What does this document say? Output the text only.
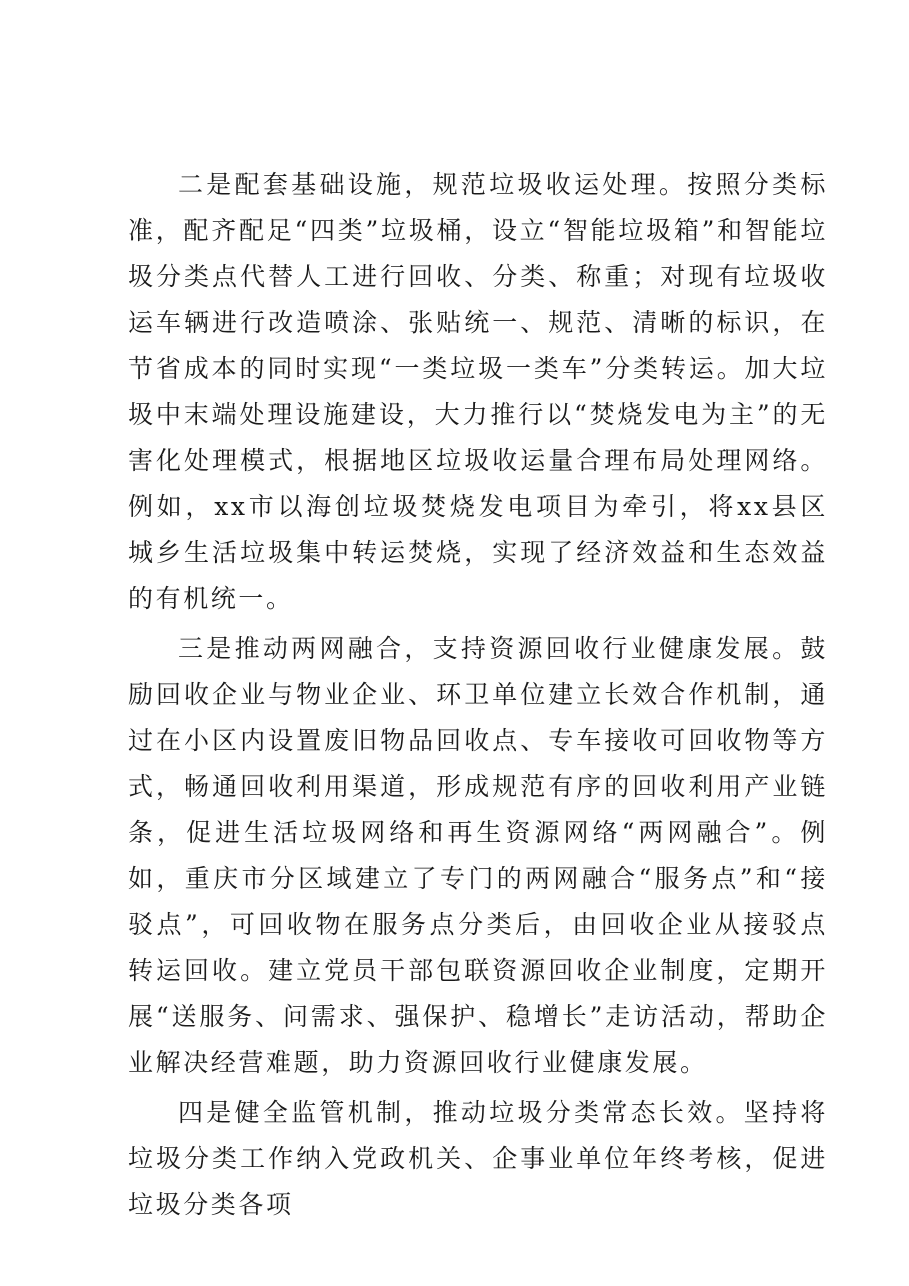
二是配套基础设施，规范垃圾收运处理。按照分类标准，配齐配足“四类”垃圾桶，设立“智能垃圾箱”和智能垃圾分类点代替人工进行回收、分类、称重；对现有垃圾收运车辆进行改造喷涂、张贴统一、规范、清晰的标识，在节省成本的同时实现“一类垃圾一类车”分类转运。加大垃圾中末端处理设施建设，大力推行以“焚烧发电为主”的无害化处理模式，根据地区垃圾收运量合理布局处理网络。例如，xx市以海创垃圾焚烧发电项目为牵引，将xx县区城乡生活垃圾集中转运焚烧，实现了经济效益和生态效益的有机统一。

三是推动两网融合，支持资源回收行业健康发展。鼓励回收企业与物业企业、环卫单位建立长效合作机制，通过在小区内设置废旧物品回收点、专车接收可回收物等方式，畅通回收利用渠道，形成规范有序的回收利用产业链条，促进生活垃圾网络和再生资源网络“两网融合”。例如，重庆市分区域建立了专门的两网融合“服务点”和“接驳点”，可回收物在服务点分类后，由回收企业从接驳点转运回收。建立党员干部包联资源回收企业制度，定期开展“送服务、问需求、强保护、稳增长”走访活动，帮助企业解决经营难题，助力资源回收行业健康发展。

四是健全监管机制，推动垃圾分类常态长效。坚持将垃圾分类工作纳入党政机关、企事业单位年终考核，促进垃圾分类各项
